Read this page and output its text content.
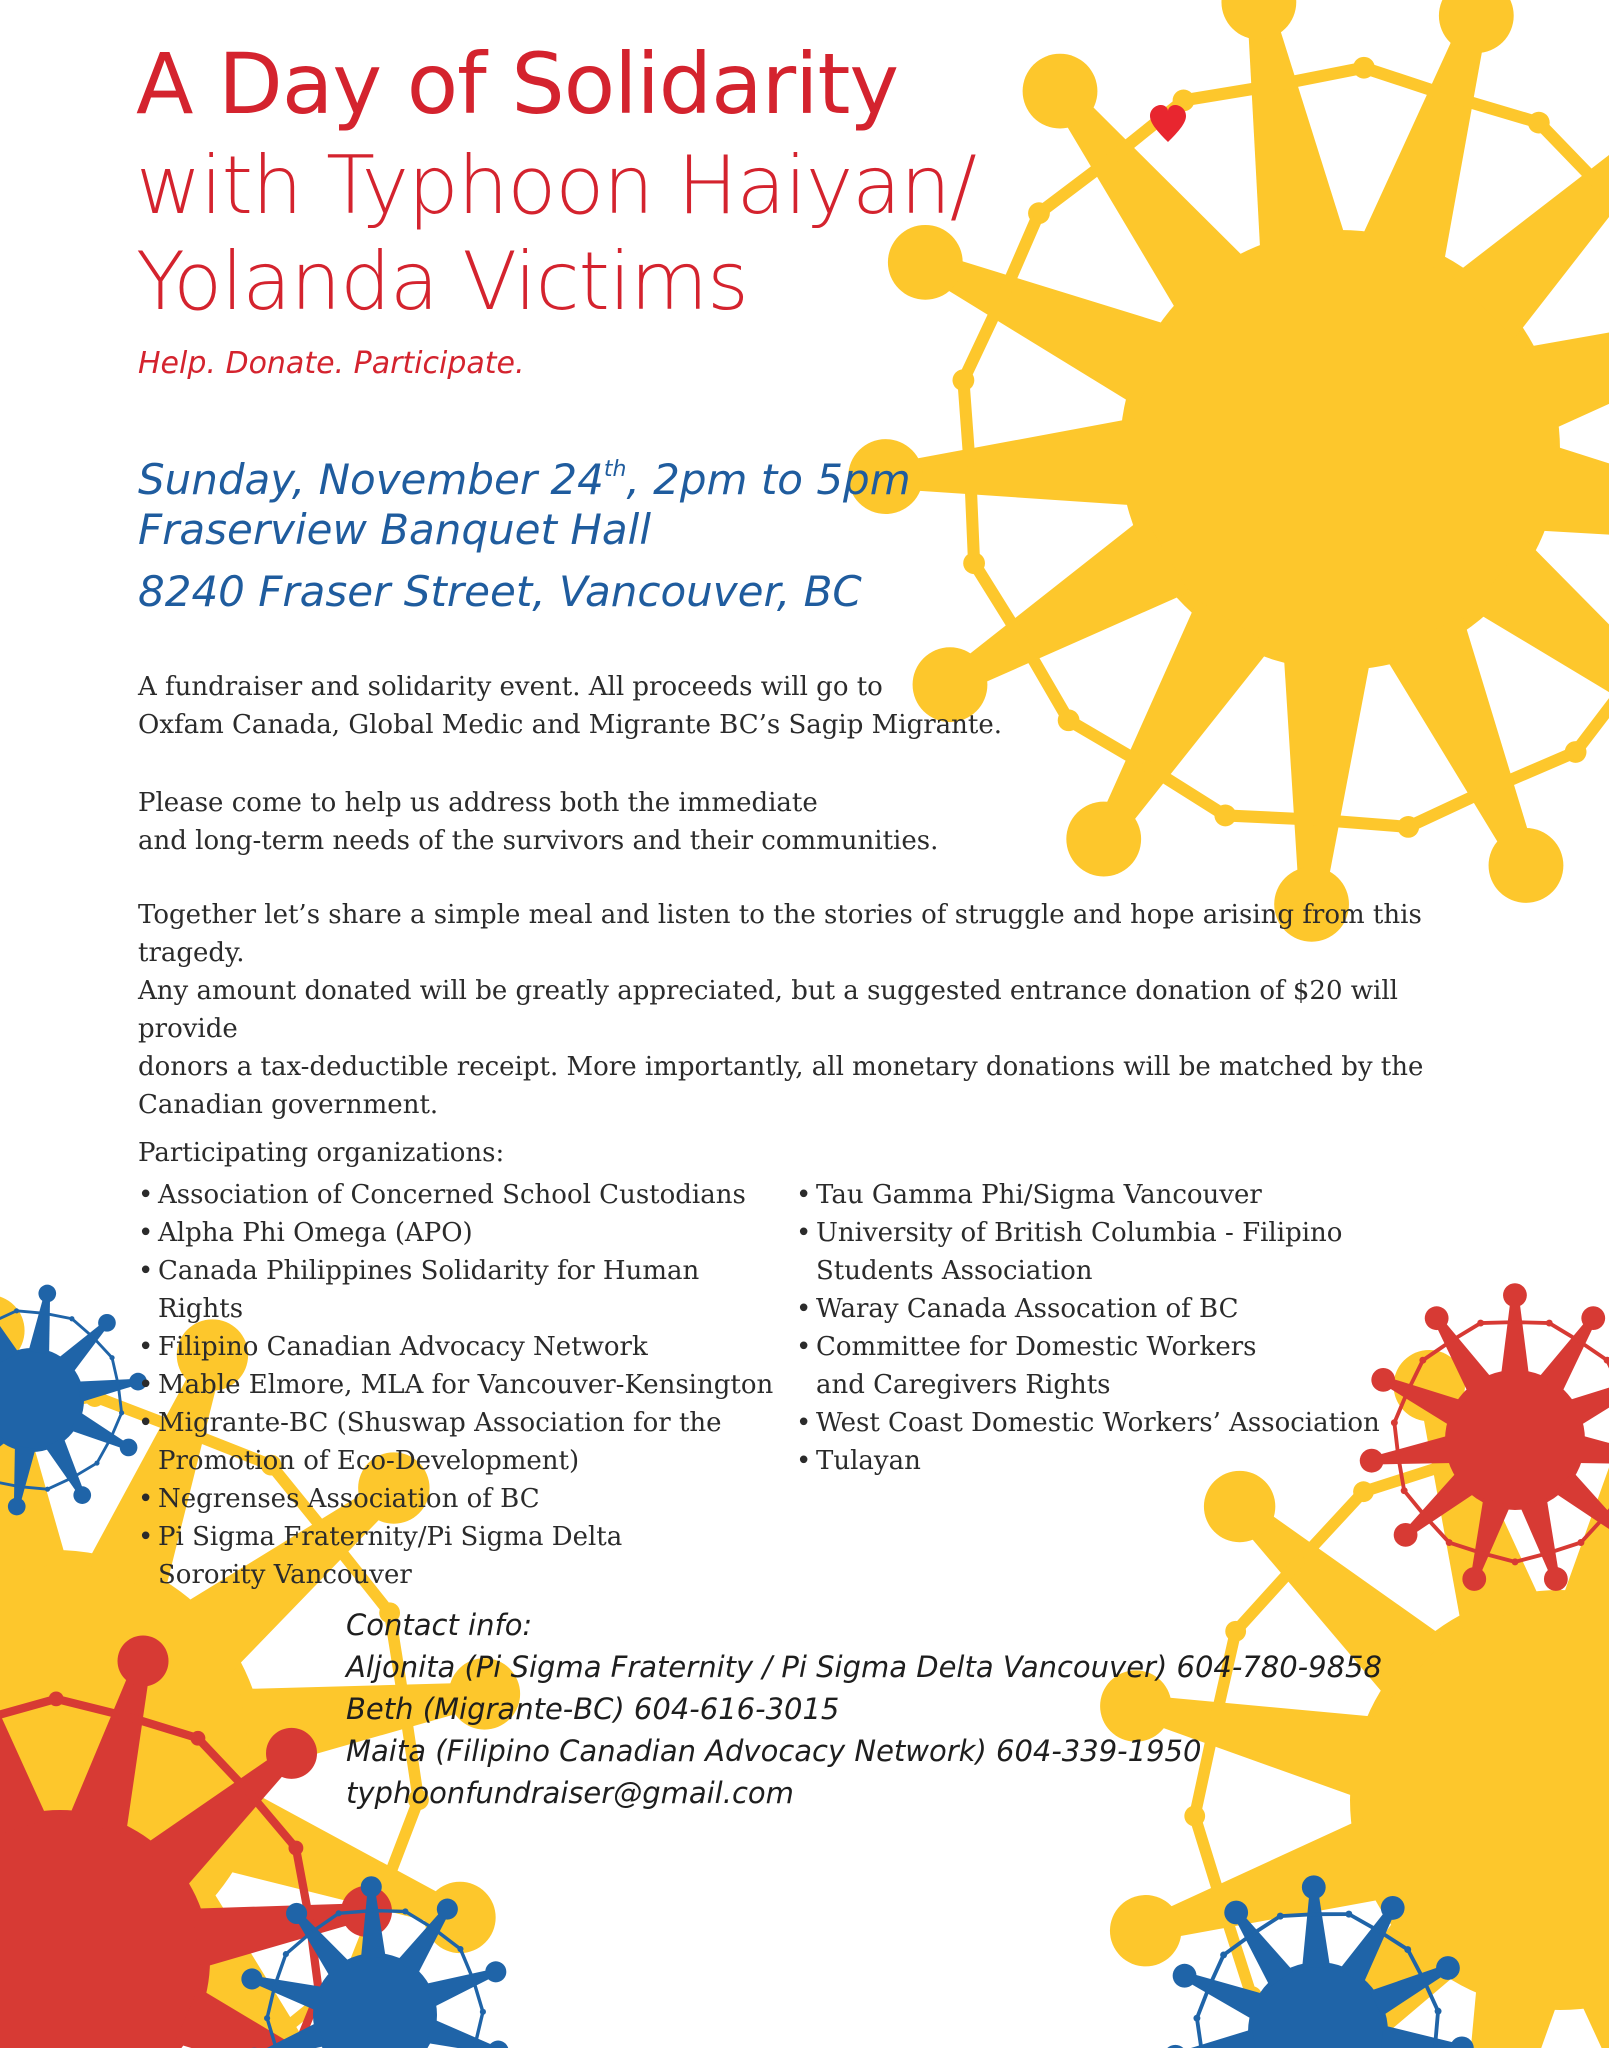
A Day of Solidarity
with Typhoon Haiyan/
Yolanda Victims
Help. Donate. Participate.
Sunday, November 24th, 2pm to 5pm
Fraserview Banquet Hall
8240 Fraser Street, Vancouver, BC
A fundraiser and solidarity event. All proceeds will go to
Oxfam Canada, Global Medic and Migrante BC’s Sagip Migrante.
Please come to help us address both the immediate
and long-term needs of the survivors and their communities.
Together let’s share a simple meal and listen to the stories of struggle and hope arising from this tragedy.
Any amount donated will be greatly appreciated, but a suggested entrance donation of $20 will provide
donors a tax-deductible receipt. More importantly, all monetary donations will be matched by the
Canadian government.
Participating organizations:
• Association of Concerned School Custodians
• Alpha Phi Omega (APO)
• Canada Philippines Solidarity for Human Rights
• Filipino Canadian Advocacy Network
• Mable Elmore, MLA for Vancouver-Kensington
• Migrante-BC (Shuswap Association for the
Promotion of Eco-Development)
• Negrenses Association of BC
• Pi Sigma Fraternity/Pi Sigma Delta
Sorority Vancouver
• Tau Gamma Phi/Sigma Vancouver
• University of British Columbia - Filipino
Students Association
• Waray Canada Assocation of BC
• Committee for Domestic Workers
and Caregivers Rights
• West Coast Domestic Workers’ Association
• Tulayan
Contact info:
Aljonita (Pi Sigma Fraternity / Pi Sigma Delta Vancouver) 604-780-9858
Beth (Migrante-BC) 604-616-3015
Maita (Filipino Canadian Advocacy Network) 604-339-1950
typhoonfundraiser@gmail.com
